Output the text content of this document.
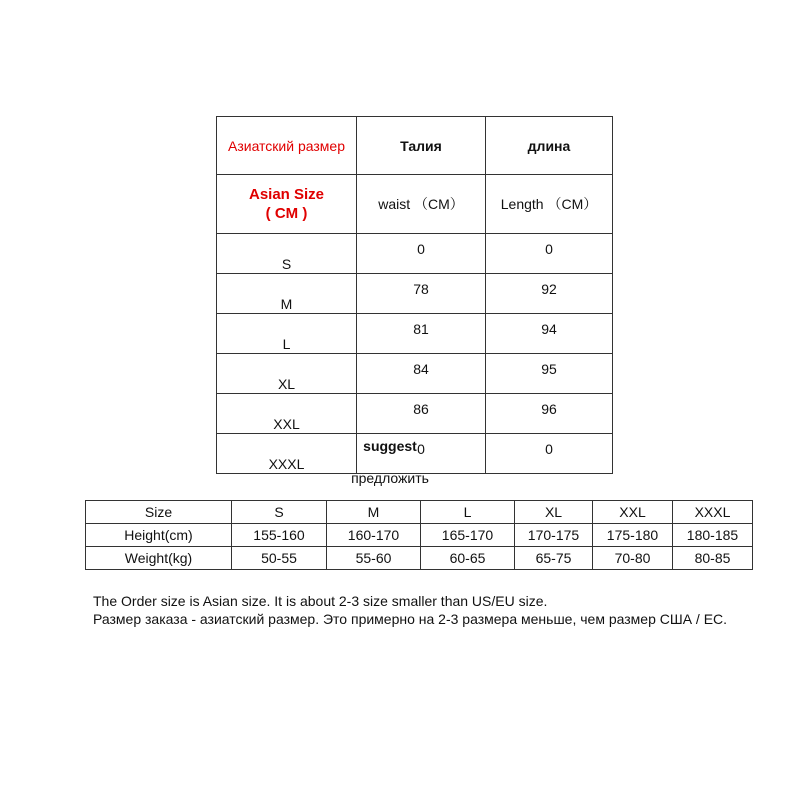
Азиатский размер	Талия	длина

Asian Size
( CM )	waist （CM）	Length （CM）
S	0	0
M	78	92
L	81	94
XL	84	95
XXL	86	96
XXXL	0	0
suggest
предложить
Size	S	M	L	XL	XXL	XXXL
Height(cm)	155-160	160-170	165-170	170-175	175-180	180-185
Weight(kg)	50-55	55-60	60-65	65-75	70-80	80-85
The Order size is Asian size. It is about 2-3 size smaller than US/EU size.
Размер заказа - азиатский размер. Это примерно на 2-3 размера меньше, чем размер США / ЕС.
